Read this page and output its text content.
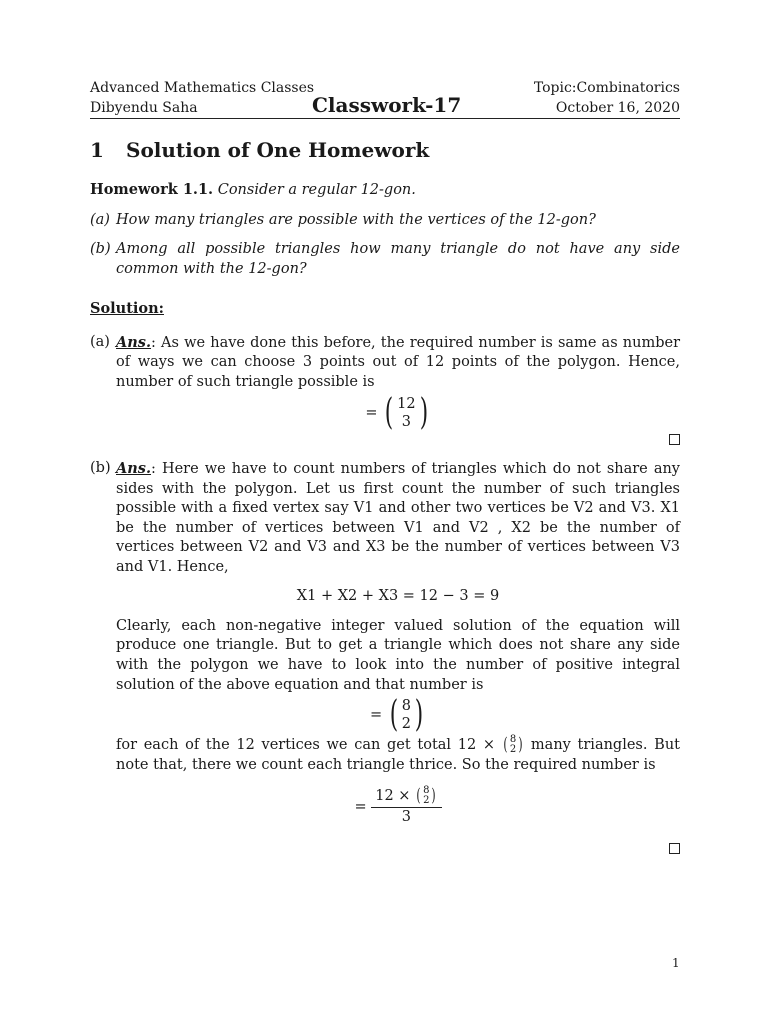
Advanced Mathematics Classes
Dibyendu Saha	Classwork-17
Topic:Combinatorics
October 16, 2020
1 Solution of One Homework

Homework 1.1. Consider a regular 12-gon.

(a) How many triangles are possible with the vertices of the 12-gon?
(b) Among all possible triangles how many triangle do not have any side common with the 12-gon?
Solution:
(a) Ans.: As we have done this before, the required number is same as number of ways we can choose 3 points out of 12 points of the polygon. Hence, number of such triangle possible is
= ( 12
3 )
(b) Ans.: Here we have to count numbers of triangles which do not share any sides with the polygon. Let us first count the number of such triangles possible with a fixed vertex say V1 and other two vertices be V2 and V3. X1 be the number of vertices between V1 and V2 , X2 be the number of vertices between V2 and V3 and X3 be the number of vertices between V3 and V1. Hence,
X1 + X2 + X3 = 12 − 3 = 9

Clearly, each non-negative integer valued solution of the equation will produce one triangle. But to get a triangle which does not share any side with the polygon we have to look into the number of positive integral solution of the above equation and that number is

= ( 8
2 )

for each of the 12 vertices we can get total 12 × ( 8
2 ) many triangles. But note that, there we count each triangle thrice. So the required number is

= 12 × ( 8
2 )
3
1
